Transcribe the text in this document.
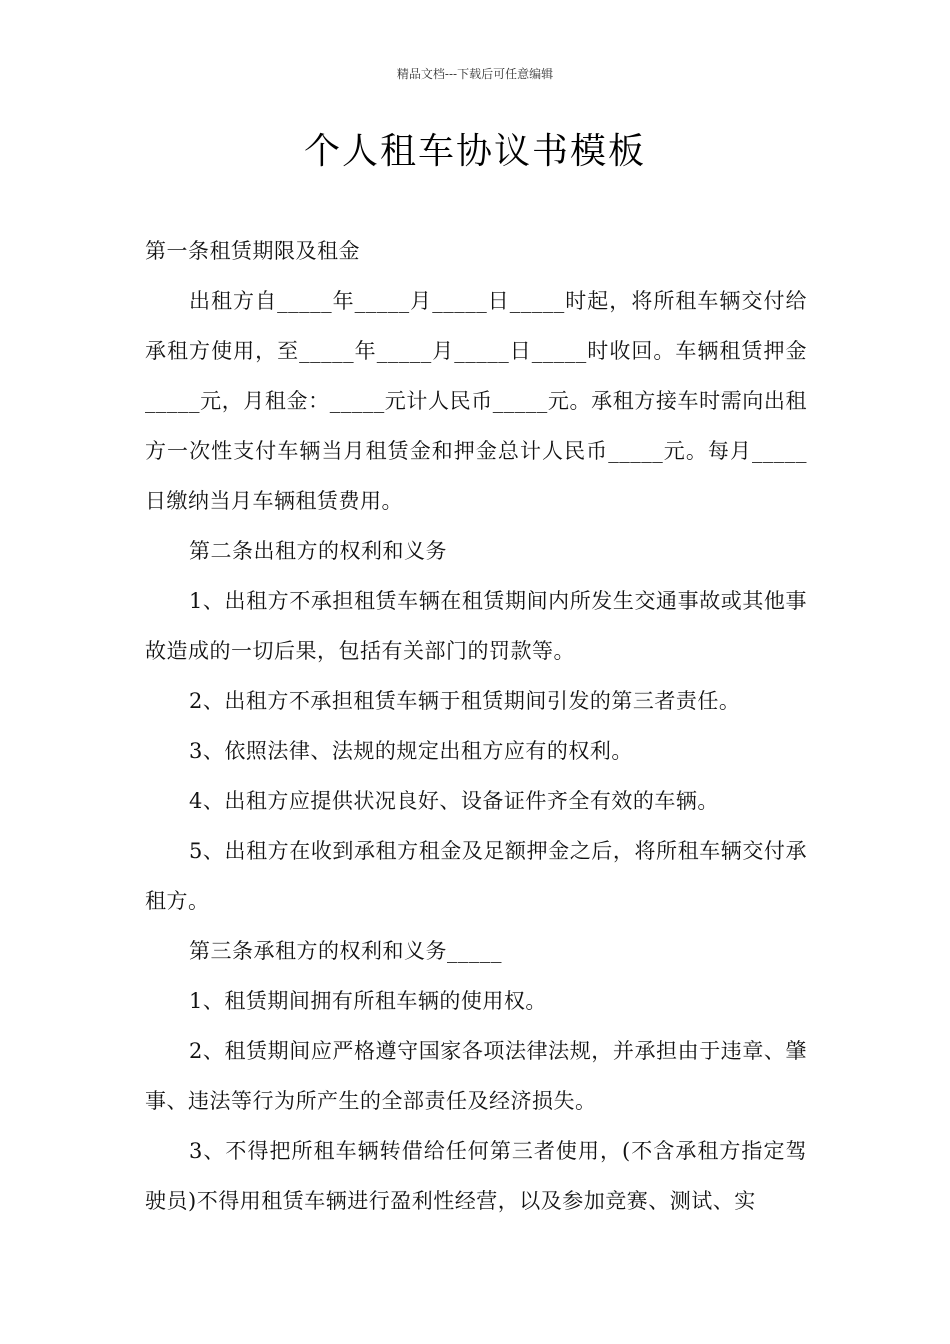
精品文档---下载后可任意编辑
个人租车协议书模板

第一条租赁期限及租金

出租方自_____年_____月_____日_____时起，将所租车辆交付给承租方使用，至_____年_____月_____日_____时收回。车辆租赁押金_____元，月租金：_____元计人民币_____元。承租方接车时需向出租方一次性支付车辆当月租赁金和押金总计人民币_____元。每月_____日缴纳当月车辆租赁费用。

第二条出租方的权利和义务

1、出租方不承担租赁车辆在租赁期间内所发生交通事故或其他事故造成的一切后果，包括有关部门的罚款等。

2、出租方不承担租赁车辆于租赁期间引发的第三者责任。

3、依照法律、法规的规定出租方应有的权利。

4、出租方应提供状况良好、设备证件齐全有效的车辆。

5、出租方在收到承租方租金及足额押金之后，将所租车辆交付承租方。

第三条承租方的权利和义务_____

1、租赁期间拥有所租车辆的使用权。

2、租赁期间应严格遵守国家各项法律法规，并承担由于违章、肇事、违法等行为所产生的全部责任及经济损失。

3、不得把所租车辆转借给任何第三者使用，(不含承租方指定驾驶员)不得用租赁车辆进行盈利性经营，以及参加竞赛、测试、实
